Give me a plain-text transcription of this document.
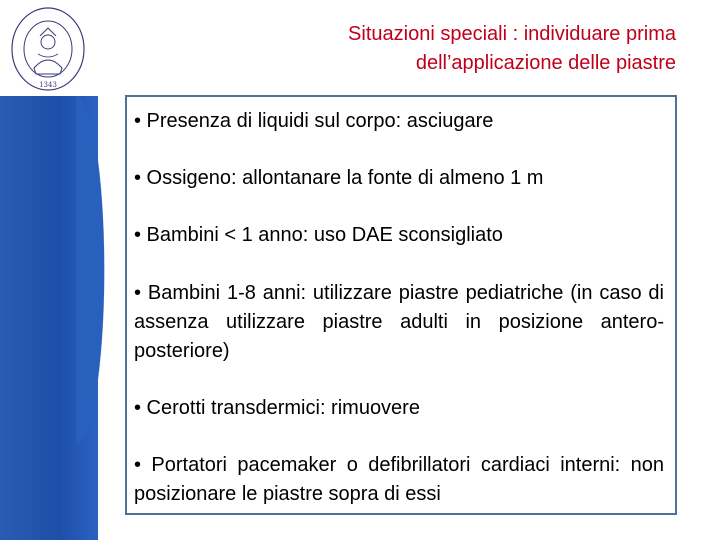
1343
Situazioni speciali : individuare prima
dell’applicazione delle piastre
• Presenza di liquidi sul corpo: asciugare
• Ossigeno: allontanare la fonte di almeno 1 m
• Bambini < 1 anno: uso DAE sconsigliato
• Bambini 1-8 anni: utilizzare piastre pediatriche (in caso di assenza utilizzare piastre adulti in posizione antero-posteriore)
• Cerotti transdermici: rimuovere
• Portatori pacemaker o defibrillatori cardiaci interni: non posizionare le piastre sopra di essi
